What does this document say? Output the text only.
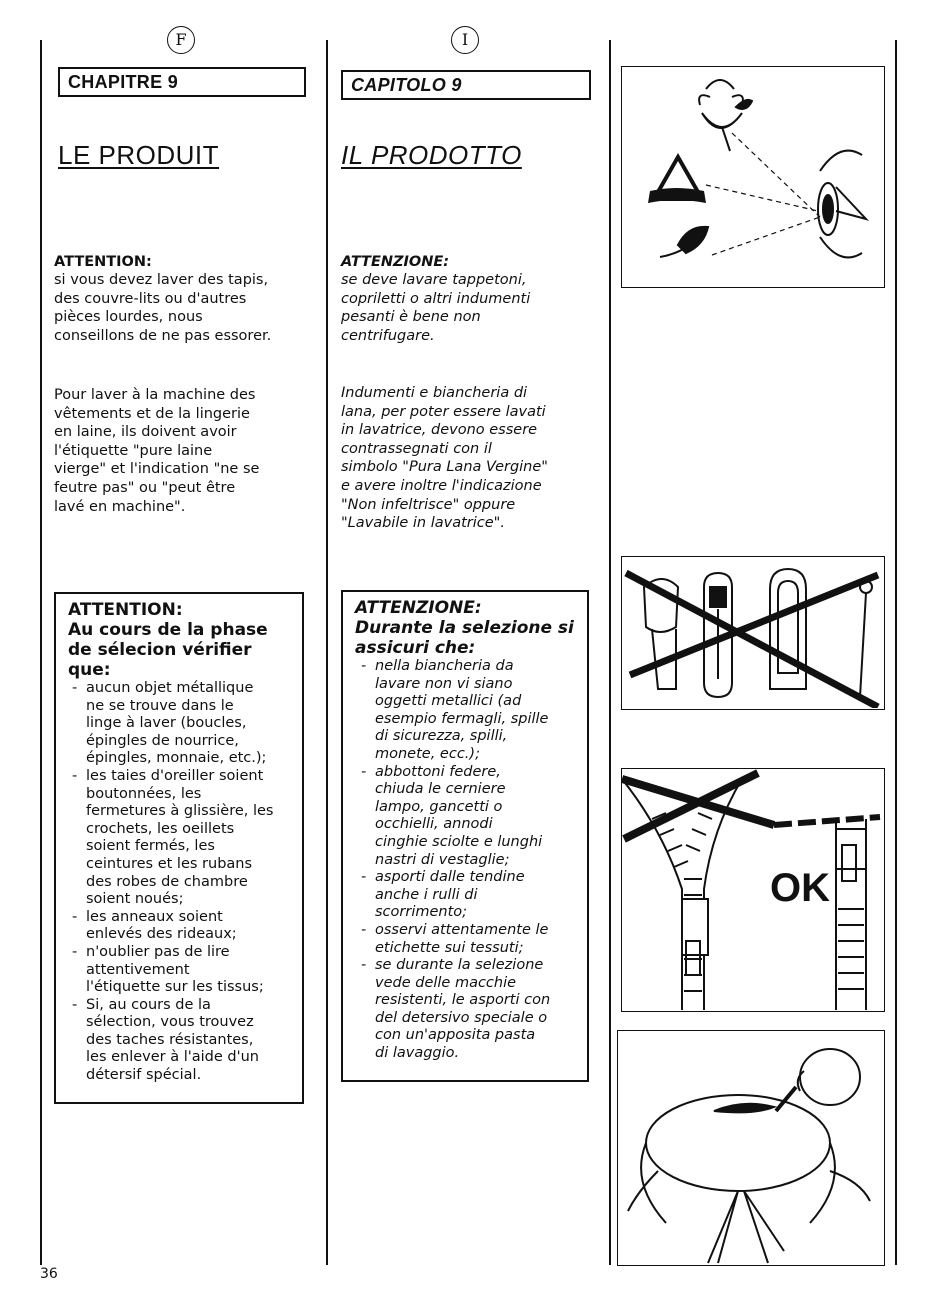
F
CHAPITRE 9
LE PRODUIT

ATTENTION:
si vous devez laver des tapis,
des couvre-lits ou d'autres
pièces lourdes, nous
conseillons de ne pas essorer.

Pour laver à la machine des
vêtements et de la lingerie
en laine, ils doivent avoir
l'étiquette "pure laine
vierge" et l'indication "ne se
feutre pas" ou "peut être
lavé en machine".
ATTENTION:
Au cours de la phase
de sélecion vérifier
que:
- aucun objet métallique
ne se trouve dans le
linge à laver (boucles,
épingles de nourrice,
épingles, monnaie, etc.);
- les taies d'oreiller soient
boutonnées, les
fermetures à glissière, les
crochets, les oeillets
soient fermés, les
ceintures et les rubans
des robes de chambre
soient noués;
- les anneaux soient
enlevés des rideaux;
- n'oublier pas de lire
attentivement
l'étiquette sur les tissus;
- Si, au cours de la
sélection, vous trouvez
des taches résistantes,
les enlever à l'aide d'un
détersif spécial.
I
CAPITOLO 9
IL PRODOTTO

ATTENZIONE:
se deve lavare tappetoni,
copriletti o altri indumenti
pesanti è bene non
centrifugare.

Indumenti e biancheria di
lana, per poter essere lavati
in lavatrice, devono essere
contrassegnati con il
simbolo "Pura Lana Vergine"
e avere inoltre l'indicazione
"Non infeltrisce" oppure
"Lavabile in lavatrice".
ATTENZIONE:
Durante la selezione si
assicuri che:
- nella biancheria da
lavare non vi siano
oggetti metallici (ad
esempio fermagli, spille
di sicurezza, spilli,
monete, ecc.);
- abbottoni federe,
chiuda le cerniere
lampo, gancetti o
occhielli, annodi
cinghie sciolte e lunghi
nastri di vestaglie;
- asporti dalle tendine
anche i rulli di
scorrimento;
- osservi attentamente le
etichette sui tessuti;
- se durante la selezione
vede delle macchie
resistenti, le asporti con
del detersivo speciale o
con un'apposita pasta
di lavaggio.
OK
36
